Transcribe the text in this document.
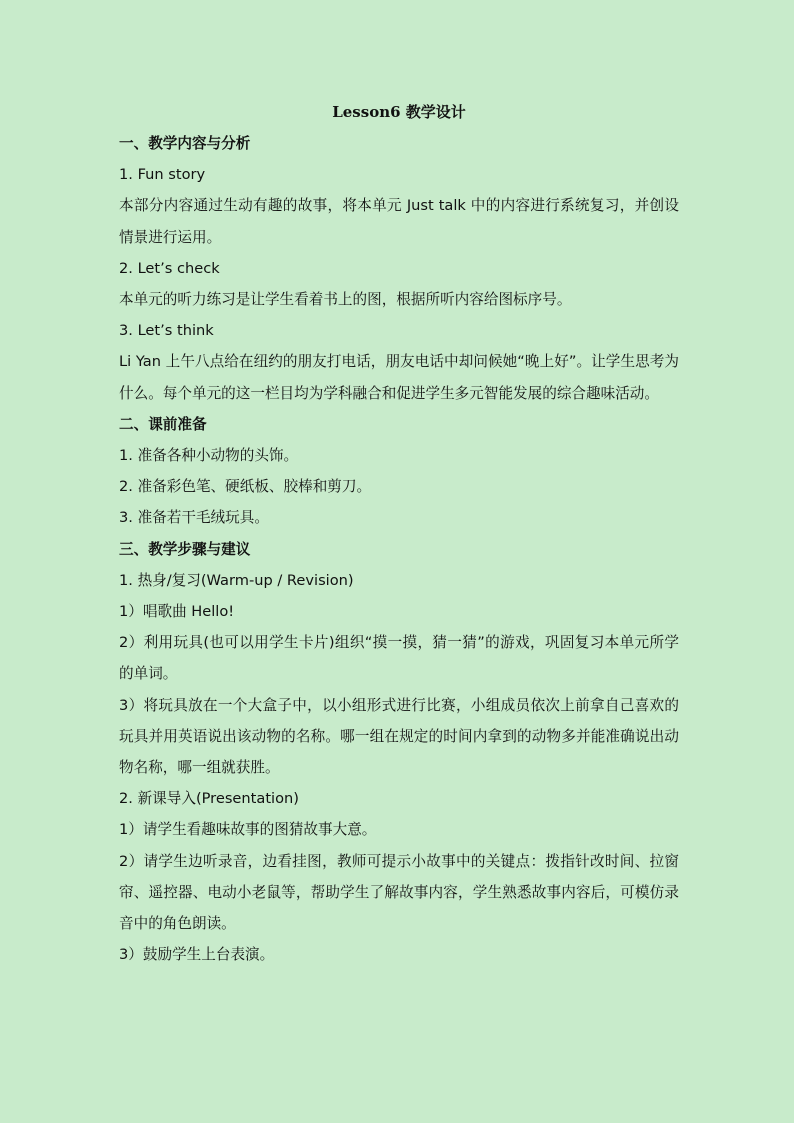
Lesson6 教学设计
一、教学内容与分析
1. Fun story
本部分内容通过生动有趣的故事，将本单元 Just talk 中的内容进行系统复习，并创设情景进行运用。
2. Let’s check
本单元的听力练习是让学生看着书上的图，根据所听内容给图标序号。
3. Let’s think
Li Yan 上午八点给在纽约的朋友打电话，朋友电话中却问候她“晚上好”。让学生思考为什么。每个单元的这一栏目均为学科融合和促进学生多元智能发展的综合趣味活动。
二、课前准备
1. 准备各种小动物的头饰。
2. 准备彩色笔、硬纸板、胶棒和剪刀。
3. 准备若干毛绒玩具。
三、教学步骤与建议
1. 热身/复习(Warm-up / Revision)
1）唱歌曲 Hello!
2）利用玩具(也可以用学生卡片)组织“摸一摸，猜一猜”的游戏，巩固复习本单元所学的单词。
3）将玩具放在一个大盒子中，以小组形式进行比赛，小组成员依次上前拿自己喜欢的玩具并用英语说出该动物的名称。哪一组在规定的时间内拿到的动物多并能准确说出动物名称，哪一组就获胜。
2. 新课导入(Presentation)
1）请学生看趣味故事的图猜故事大意。
2）请学生边听录音，边看挂图，教师可提示小故事中的关键点：拨指针改时间、拉窗帘、遥控器、电动小老鼠等，帮助学生了解故事内容，学生熟悉故事内容后，可模仿录音中的角色朗读。
3）鼓励学生上台表演。
